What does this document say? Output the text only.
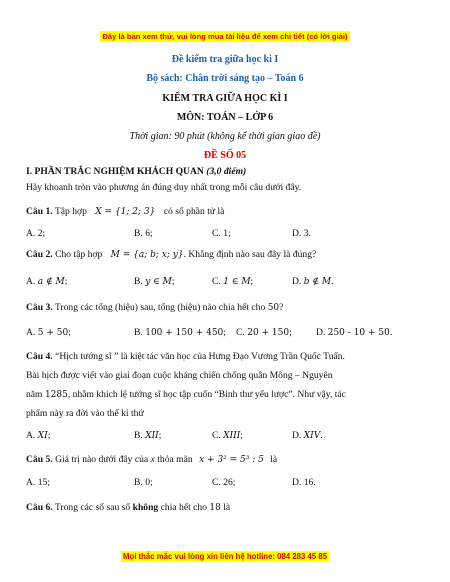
Đây là bản xem thử, vui lòng mua tài liệu để xem chi tiết (có lời giải)
Đề kiểm tra giữa học kì I
Bộ sách: Chân trời sáng tạo – Toán 6
KIỂM TRA GIỮA HỌC KÌ I
MÔN: TOÁN – LỚP 6
Thời gian: 90 phút (không kể thời gian giao đề)
ĐỀ SỐ 05
I. PHẦN TRẮC NGHIỆM KHÁCH QUAN (3,0 điểm)
Hãy khoanh tròn vào phương án đúng duy nhất trong mỗi câu dưới đây.
Câu 1. Tập hợp X = {1; 2; 3} có số phần tử là
A. 2;	B. 6;	C. 1;	D. 3.
Câu 2. Cho tập hợp M = {a; b; x; y}. Khẳng định nào sau đây là đúng?
A. a ∉ M;	B. y ∈ M;	C. 1 ∈ M;	D. b ∉ M.
Câu 3. Trong các tổng (hiệu) sau, tổng (hiệu) nào chia hết cho 50?
A. 5 + 50;	B. 100 + 150 + 450; C. 20 + 150;	D. 250 - 10 + 50.
Câu 4. “Hịch tướng sĩ ” là kiệt tác văn học của Hưng Đạo Vương Trần Quốc Tuấn.
Bài hịch được viết vào giai đoạn cuộc kháng chiến chống quân Mông – Nguyên
năm 1285, nhằm khích lệ tướng sĩ học tập cuốn “Binh thư yếu lược”. Như vậy, tác
phẩm này ra đời vào thế kỉ thứ
A. XI;	B. XII;	C. XIII;	D. XIV.
Câu 5. Giá trị nào dưới đây của x thỏa mãn x + 3² = 5³ : 5 là
A. 15;	B. 0;	C. 26;	D. 16.
Câu 6. Trong các số sau số không chia hết cho 18 là
Mọi thắc mắc vui lòng xin liên hệ hotline: 084 283 45 85
